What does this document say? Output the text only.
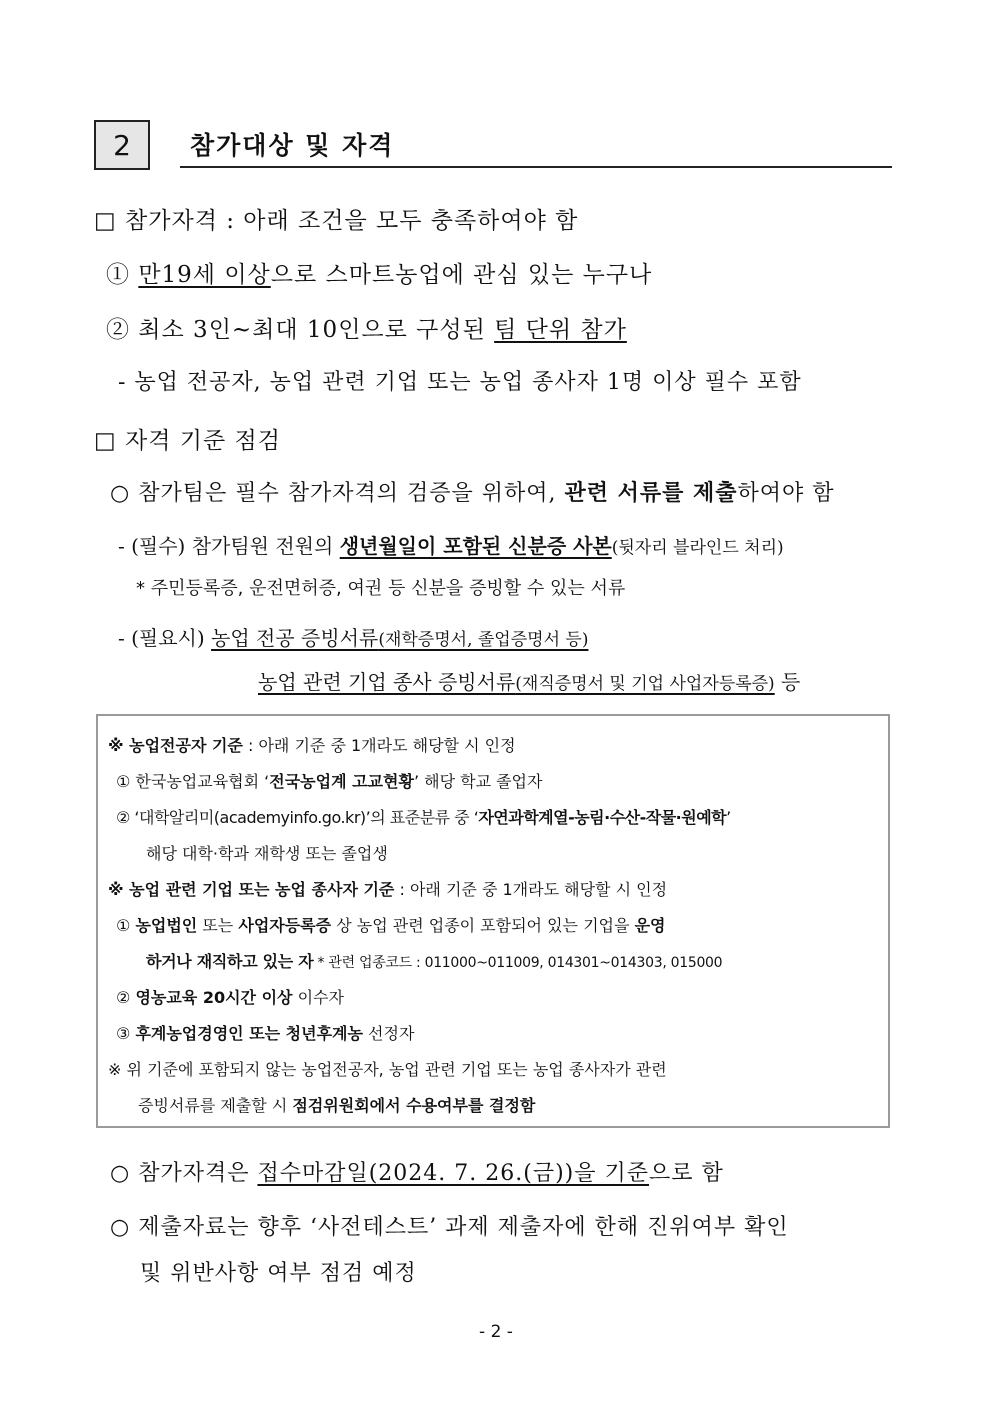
2 참가대상 및 자격
□ 참가자격 : 아래 조건을 모두 충족하여야 함
① 만19세 이상으로 스마트농업에 관심 있는 누구나
② 최소 3인~최대 10인으로 구성된 팀 단위 참가
- 농업 전공자, 농업 관련 기업 또는 농업 종사자 1명 이상 필수 포함
□ 자격 기준 점검
○ 참가팀은 필수 참가자격의 검증을 위하여, 관련 서류를 제출하여야 함
- (필수) 참가팀원 전원의 생년월일이 포함된 신분증 사본(뒷자리 블라인드 처리)
* 주민등록증, 운전면허증, 여권 등 신분을 증빙할 수 있는 서류
- (필요시) 농업 전공 증빙서류(재학증명서, 졸업증명서 등)
농업 관련 기업 종사 증빙서류(재직증명서 및 기업 사업자등록증) 등
※ 농업전공자 기준 : 아래 기준 중 1개라도 해당할 시 인정
① 한국농업교육협회 ‘전국농업계 고교현황’ 해당 학교 졸업자
② ‘대학알리미(academyinfo.go.kr)’의 표준분류 중 ‘자연과학계열-농림·수산-작물·원예학’
해당 대학·학과 재학생 또는 졸업생
※ 농업 관련 기업 또는 농업 종사자 기준 : 아래 기준 중 1개라도 해당할 시 인정
① 농업법인 또는 사업자등록증 상 농업 관련 업종이 포함되어 있는 기업을 운영
하거나 재직하고 있는 자 * 관련 업종코드 : 011000~011009, 014301~014303, 015000
② 영농교육 20시간 이상 이수자
③ 후계농업경영인 또는 청년후계농 선정자
※ 위 기준에 포함되지 않는 농업전공자, 농업 관련 기업 또는 농업 종사자가 관련
증빙서류를 제출할 시 점검위원회에서 수용여부를 결정함
○ 참가자격은 접수마감일(2024. 7. 26.(금))을 기준으로 함
○ 제출자료는 향후 ‘사전테스트’ 과제 제출자에 한해 진위여부 확인
및 위반사항 여부 점검 예정
- 2 -
